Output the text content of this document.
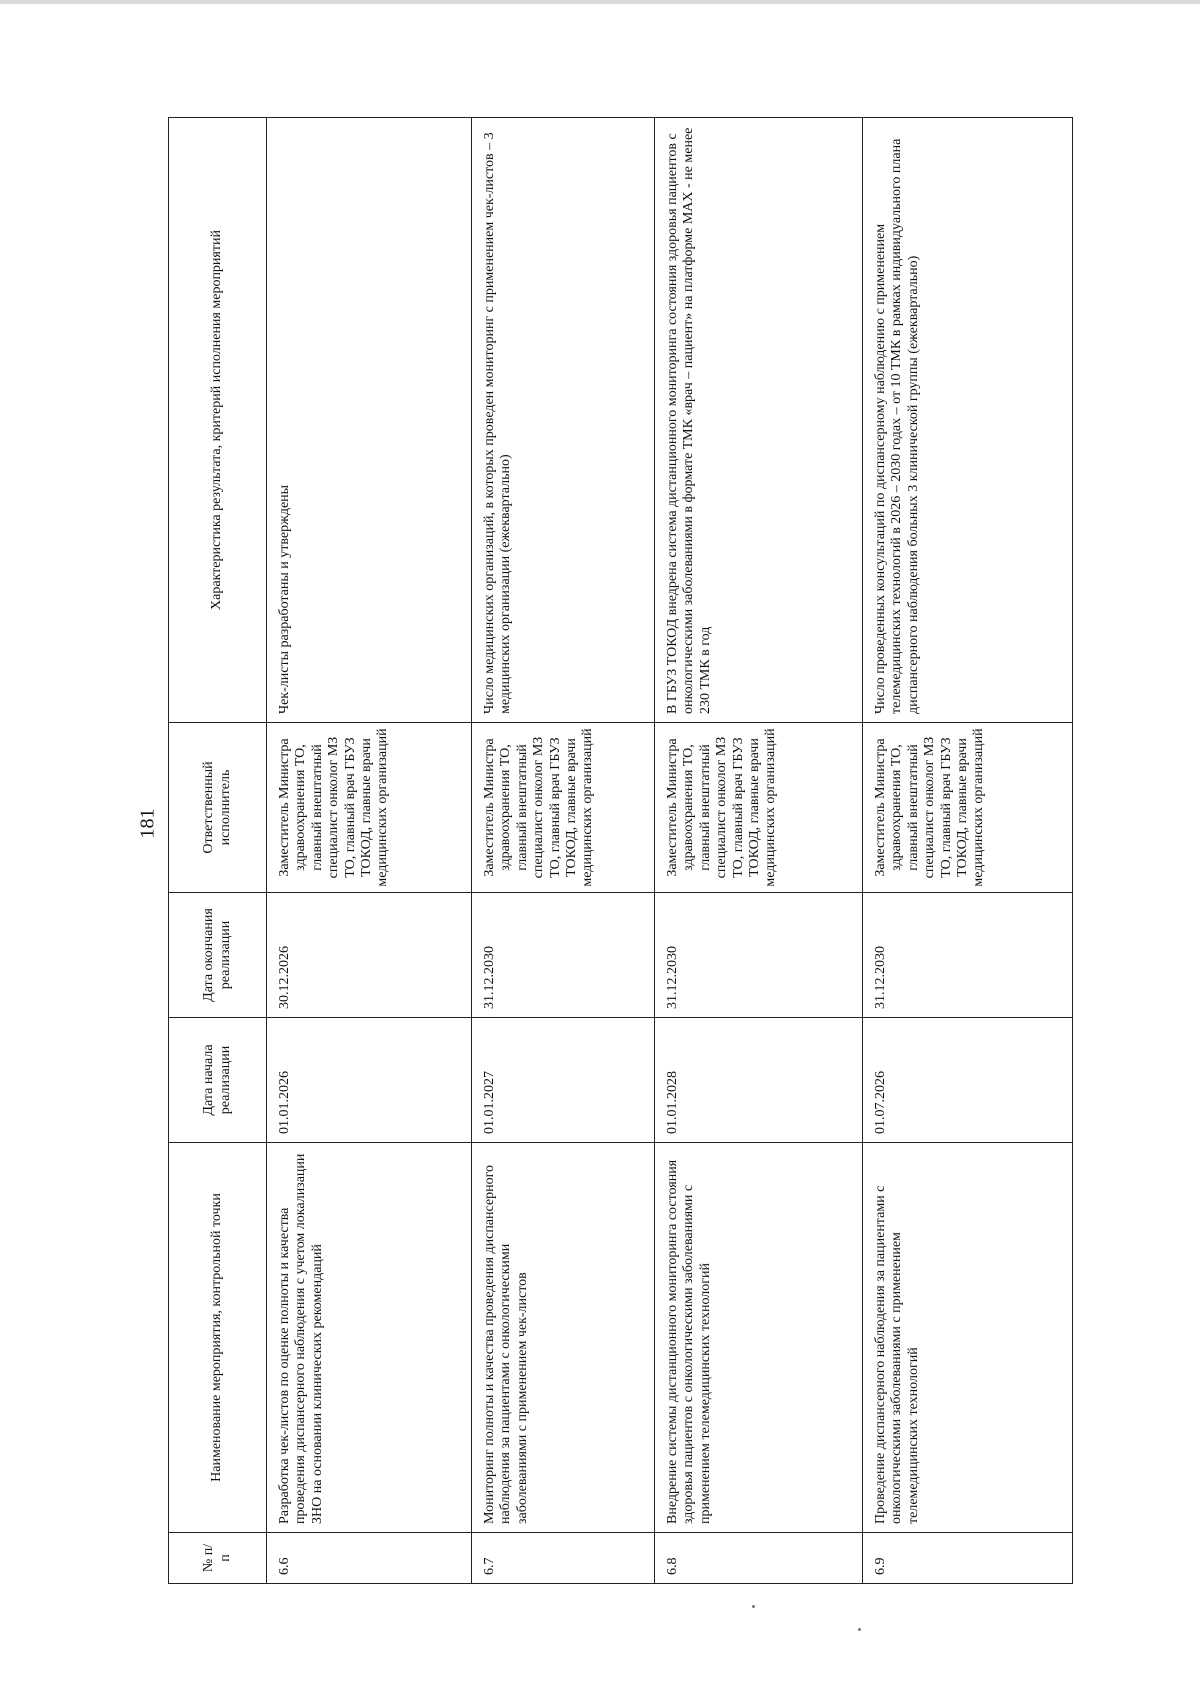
181
№ п/п	Наименование мероприятия, контрольной точки	Дата начала реализации	Дата окончания реализации	Ответственный исполнитель	Характеристика результата, критерий исполнения мероприятий
6.6	Разработка чек-листов по оценке полноты и качества проведения диспансерного наблюдения с учетом локализации ЗНО на основании клинических рекомендаций	01.01.2026	30.12.2026	Заместитель Министра здравоохранения ТО, главный внештатный специалист онколог МЗ ТО, главный врач ГБУЗ ТОКОД, главные врачи медицинских организаций	Чек-листы разработаны и утверждены
6.7	Мониторинг полноты и качества проведения диспансерного наблюдения за пациентами с онкологическими заболеваниями с применением чек-листов	01.01.2027	31.12.2030	Заместитель Министра здравоохранения ТО, главный внештатный специалист онколог МЗ ТО, главный врач ГБУЗ ТОКОД, главные врачи медицинских организаций	Число медицинских организаций, в которых проведен мониторинг с применением чек-листов – 3 медицинских организации (ежеквартально)
6.8	Внедрение системы дистанционного мониторинга состояния здоровья пациентов с онкологическими заболеваниями с применением телемедицинских технологий	01.01.2028	31.12.2030	Заместитель Министра здравоохранения ТО, главный внештатный специалист онколог МЗ ТО, главный врач ГБУЗ ТОКОД, главные врачи медицинских организаций	В ГБУЗ ТОКОД внедрена система дистанционного мониторинга состояния здоровья пациентов с онкологическими заболеваниями в формате ТМК «врач – пациент» на платформе MAX - не менее 230 ТМК в год
6.9	Проведение диспансерного наблюдения за пациентами с онкологическими заболеваниями с применением телемедицинских технологий	01.07.2026	31.12.2030	Заместитель Министра здравоохранения ТО, главный внештатный специалист онколог МЗ ТО, главный врач ГБУЗ ТОКОД, главные врачи медицинских организаций	Число проведенных консультаций по диспансерному наблюдению с применением телемедицинских технологий в 2026 – 2030 годах – от 10 ТМК в рамках индивидуального плана диспансерного наблюдения больных 3 клинической группы (ежеквартально)
